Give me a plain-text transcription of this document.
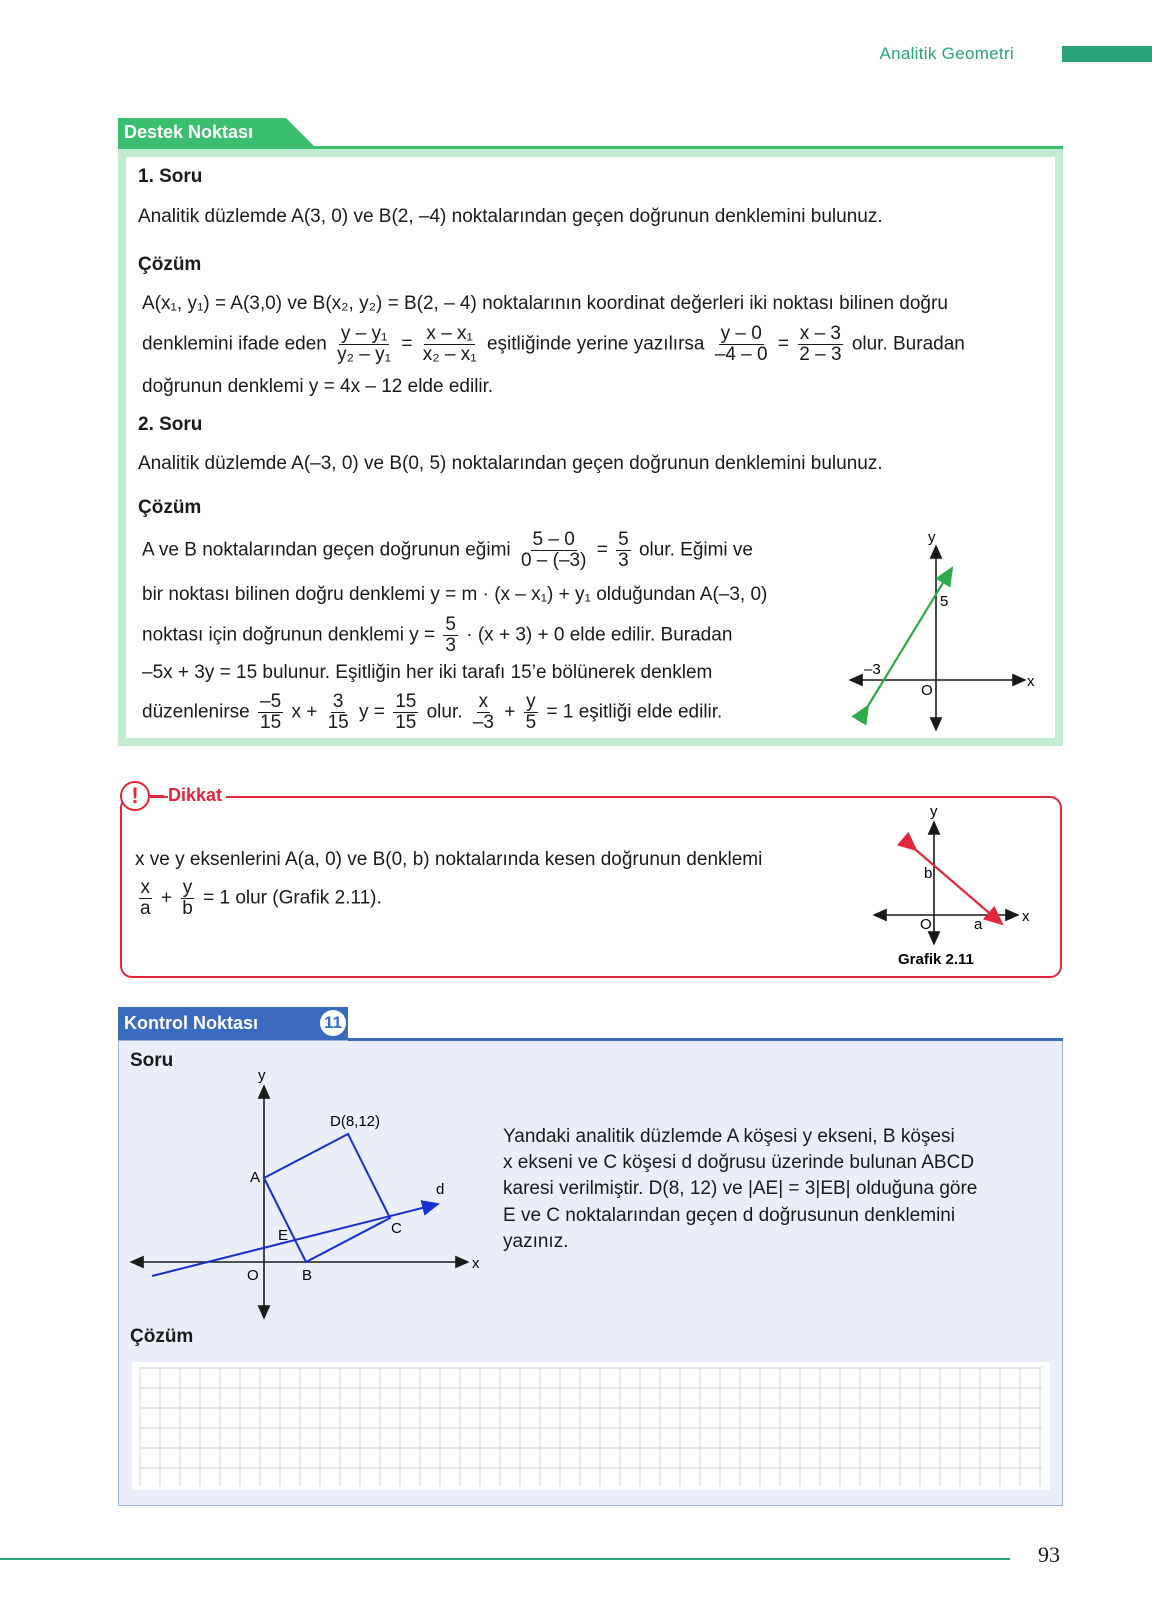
Analitik Geometri
Destek Noktası
1. Soru
Analitik düzlemde A(3, 0) ve B(2, –4) noktalarından geçen doğrunun denklemini bulunuz.
Çözüm
A(x₁, y₁) = A(3,0) ve B(x₂, y₂) = B(2, – 4) noktalarının koordinat değerleri iki noktası bilinen doğru
denklemini ifade eden $\frac{\text{y – y₁}}{\text{y₂ – y₁}} = \frac{\text{x – x₁}}{\text{x₂ – x₁}}$ eşitliğinde yerine yazılırsa $\frac{y - 0}{-4 - 0} = \frac{x - 3}{2 - 3}$ olur. Buradan
doğrunun denklemi y = 4x – 12 elde edilir.
2. Soru
Analitik düzlemde A(–3, 0) ve B(0, 5) noktalarından geçen doğrunun denklemini bulunuz.
Çözüm
A ve B noktalarından geçen doğrunun eğimi $\frac{5 - 0}{0 - (-3)} = \frac{5}{3}$ olur. Eğimi ve
bir noktası bilinen doğru denklemi y = m · (x – x₁) + y₁ olduğundan A(–3, 0)
noktası için doğrunun denklemi $y = \frac{5}{3} \cdot (x + 3) + 0$ elde edilir. Buradan
–5x + 3y = 15 bulunur. Eşitliğin her iki tarafı 15’e bölünerek denklem
düzenlenirse $\frac{-5}{15}$ $x + \frac{3}{15}$ $y = \frac{15}{15}$ olur. $\frac{x}{-3} + \frac{y}{5} = 1$ eşitliği elde edilir.
y
x
O
5
–3
!	Dikkat
x ve y eksenlerini A(a, 0) ve B(0, b) noktalarında kesen doğrunun denklemi
$\frac{x}{a} + \frac{y}{b} = 1$ olur (Grafik 2.11).
y
x
O
b
a
Grafik 2.11
Kontrol Noktası	11
Soru
y
x
O
A
B
C
E
d
D(8,12)
Yandaki analitik düzlemde A köşesi y ekseni, B köşesi
x ekseni ve C köşesi d doğrusu üzerinde bulunan ABCD
karesi verilmiştir. D(8, 12) ve |AE| = 3|EB| olduğuna göre
E ve C noktalarından geçen d doğrusunun denklemini
yazınız.
Çözüm
93
